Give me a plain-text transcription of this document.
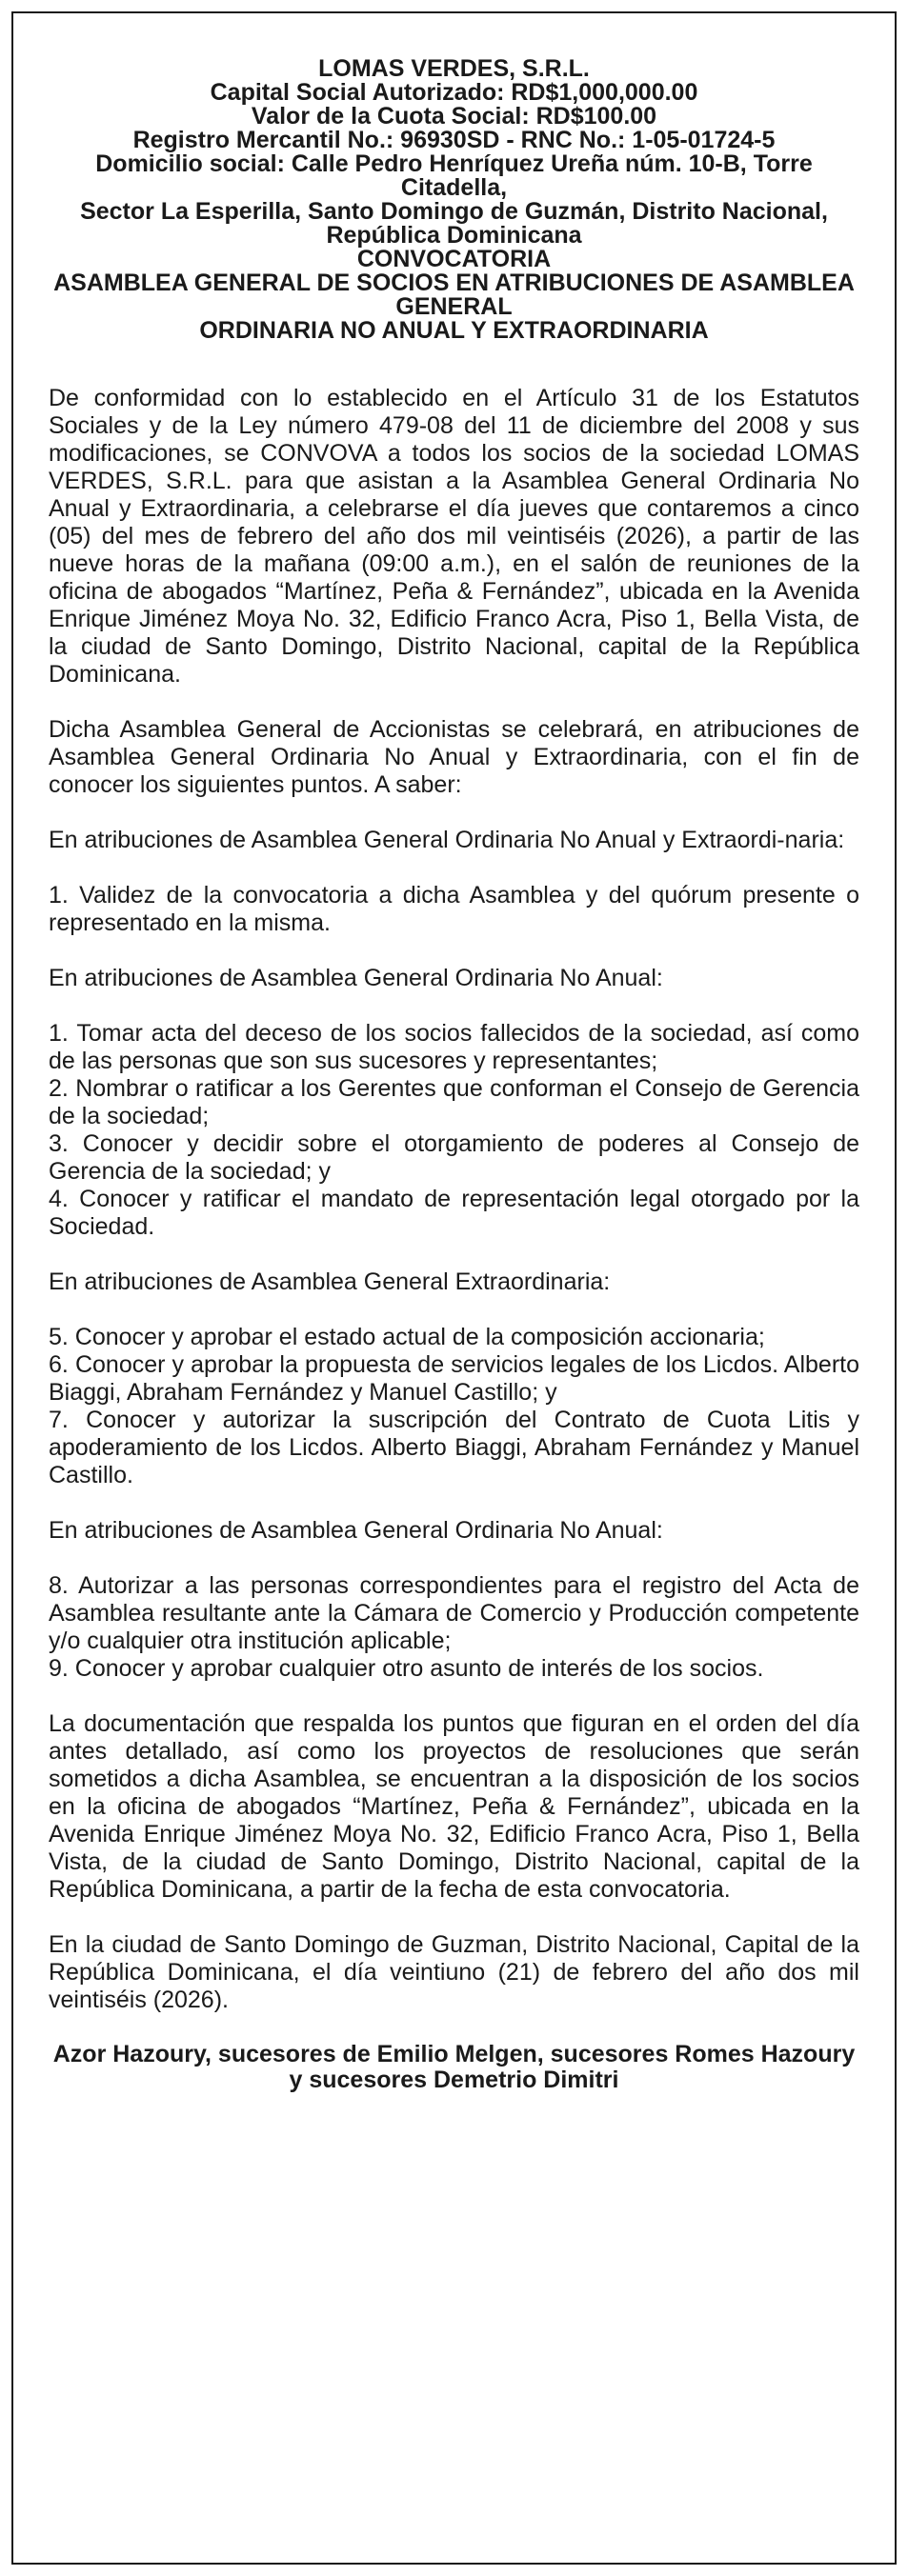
LOMAS VERDES, S.R.L.
Capital Social Autorizado: RD$1,000,000.00
Valor de la Cuota Social: RD$100.00
Registro Mercantil No.: 96930SD - RNC No.: 1-05-01724-5
Domicilio social: Calle Pedro Henríquez Ureña núm. 10-B, Torre Citadella,
Sector La Esperilla, Santo Domingo de Guzmán, Distrito Nacional, República Dominicana
CONVOCATORIA
ASAMBLEA GENERAL DE SOCIOS EN ATRIBUCIONES DE ASAMBLEA GENERAL
ORDINARIA NO ANUAL Y EXTRAORDINARIA

De conformidad con lo establecido en el Artículo 31 de los Estatutos Sociales y de la Ley número 479-08 del 11 de diciembre del 2008 y sus modificaciones, se CONVOVA a todos los socios de la sociedad LOMAS VERDES, S.R.L. para que asistan a la Asamblea General Ordinaria No Anual y Extraordinaria, a celebrarse el día jueves que contaremos a cinco (05) del mes de febrero del año dos mil veintiséis (2026), a partir de las nueve horas de la mañana (09:00 a.m.), en el salón de reuniones de la oficina de abogados “Martínez, Peña & Fernández”, ubicada en la Avenida Enrique Jiménez Moya No. 32, Edificio Franco Acra, Piso 1, Bella Vista, de la ciudad de Santo Domingo, Distrito Nacional, capital de la República Dominicana.

Dicha Asamblea General de Accionistas se celebrará, en atribuciones de Asamblea General Ordinaria No Anual y Extraordinaria, con el fin de conocer los siguientes puntos. A saber:

En atribuciones de Asamblea General Ordinaria No Anual y Extraordi-naria:

1. Validez de la convocatoria a dicha Asamblea y del quórum presente o representado en la misma.

En atribuciones de Asamblea General Ordinaria No Anual:

1. Tomar acta del deceso de los socios fallecidos de la sociedad, así como de las personas que son sus sucesores y representantes;
2. Nombrar o ratificar a los Gerentes que conforman el Consejo de Gerencia de la sociedad;
3. Conocer y decidir sobre el otorgamiento de poderes al Consejo de Gerencia de la sociedad; y
4. Conocer y ratificar el mandato de representación legal otorgado por la Sociedad.

En atribuciones de Asamblea General Extraordinaria:

5. Conocer y aprobar el estado actual de la composición accionaria;
6. Conocer y aprobar la propuesta de servicios legales de los Licdos. Alberto Biaggi, Abraham Fernández y Manuel Castillo; y
7. Conocer y autorizar la suscripción del Contrato de Cuota Litis y apoderamiento de los Licdos. Alberto Biaggi, Abraham Fernández y Manuel Castillo.

En atribuciones de Asamblea General Ordinaria No Anual:

8. Autorizar a las personas correspondientes para el registro del Acta de Asamblea resultante ante la Cámara de Comercio y Producción competente y/o cualquier otra institución aplicable;
9. Conocer y aprobar cualquier otro asunto de interés de los socios.

La documentación que respalda los puntos que figuran en el orden del día antes detallado, así como los proyectos de resoluciones que serán sometidos a dicha Asamblea, se encuentran a la disposición de los socios en la oficina de abogados “Martínez, Peña & Fernández”, ubicada en la Avenida Enrique Jiménez Moya No. 32, Edificio Franco Acra, Piso 1, Bella Vista, de la ciudad de Santo Domingo, Distrito Nacional, capital de la República Dominicana, a partir de la fecha de esta convocatoria.

En la ciudad de Santo Domingo de Guzman, Distrito Nacional, Capital de la República Dominicana, el día veintiuno (21) de febrero del año dos mil veintiséis (2026).

Azor Hazoury, sucesores de Emilio Melgen, sucesores Romes Hazoury y sucesores Demetrio Dimitri
